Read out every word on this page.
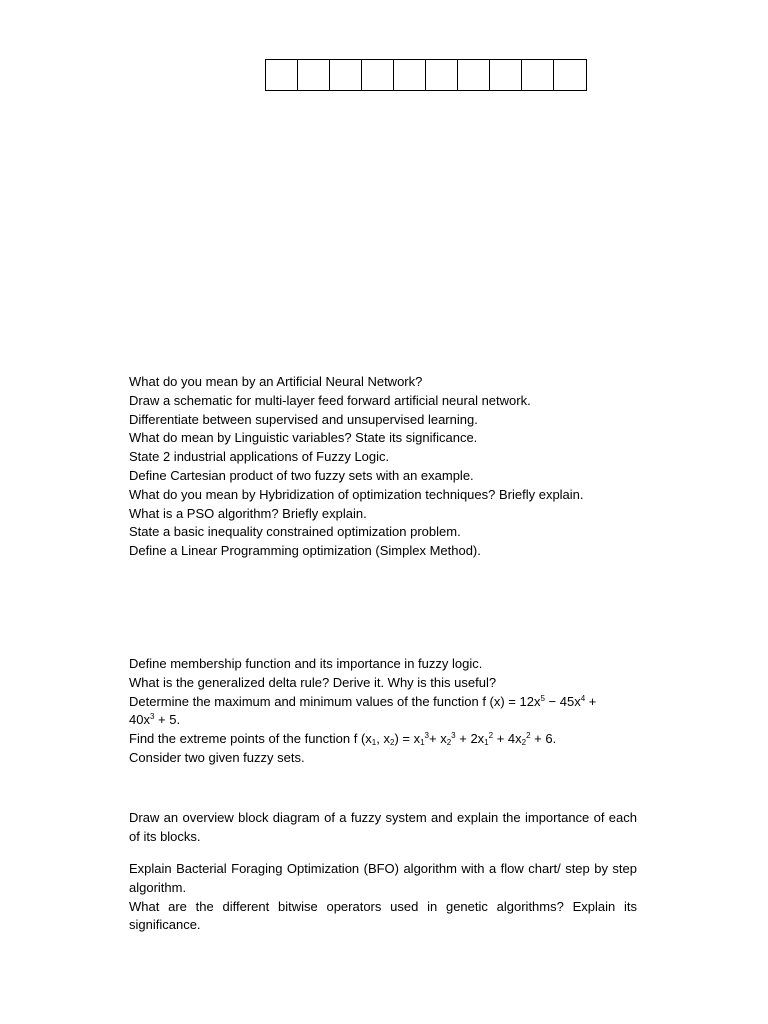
What do you mean by an Artificial Neural Network?

Draw a schematic for multi-layer feed forward artificial neural network.

Differentiate between supervised and unsupervised learning.

What do mean by Linguistic variables? State its significance.

State 2 industrial applications of Fuzzy Logic.

Define Cartesian product of two fuzzy sets with an example.

What do you mean by Hybridization of optimization techniques? Briefly explain.

What is a PSO algorithm? Briefly explain.

State a basic inequality constrained optimization problem.

Define a Linear Programming optimization (Simplex Method).

Define membership function and its importance in fuzzy logic.

What is the generalized delta rule? Derive it. Why is this useful?

Determine the maximum and minimum values of the function f $(x) = 12x^5 - 45x^4$ +

$40x^3 + 5$.

Find the extreme points of the function f ($x_1$, $x_2) = x_1^3+ x_2^3 + 2x_1^2 + 4x_2^2 + 6$.

Consider two given fuzzy sets.

Draw an overview block diagram of a fuzzy system and explain the importance of each of its blocks.

Explain Bacterial Foraging Optimization (BFO) algorithm with a flow chart/ step by step algorithm.

What are the different bitwise operators used in genetic algorithms? Explain its significance.
